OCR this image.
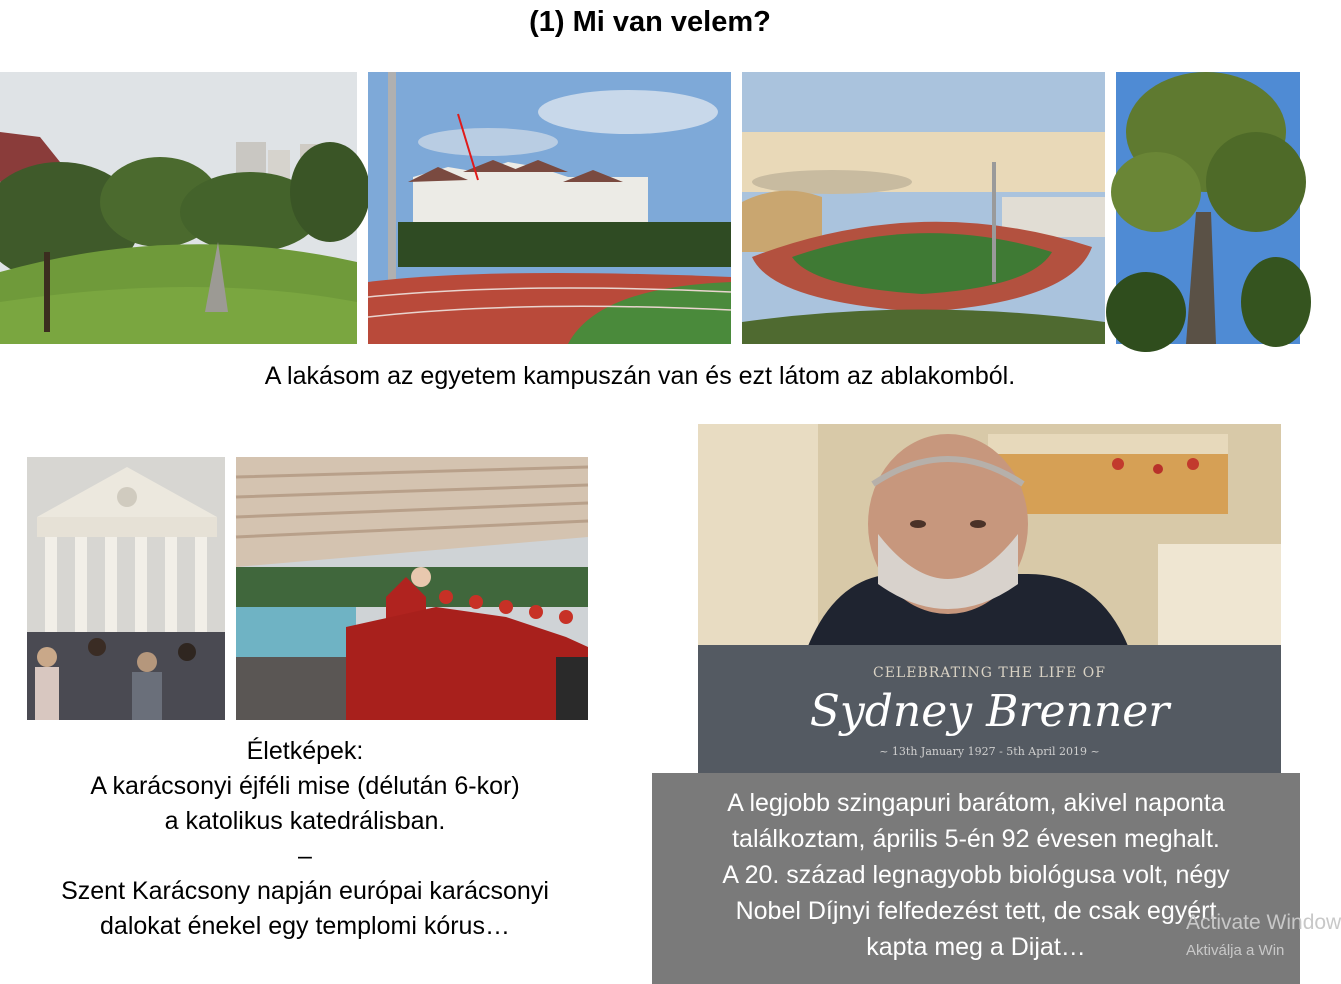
(1) Mi van velem?
A lakásom az egyetem kampuszán van és ezt látom az ablakomból.
Életképek:
A karácsonyi éjféli mise (délután 6-kor)
a katolikus katedrálisban.
–
Szent Karácsony napján európai karácsonyi
dalokat énekel egy templomi kórus…
CELEBRATING THE LIFE OF
Sydney Brenner
~ 13th January 1927 - 5th April 2019 ~
A legjobb szingapuri barátom, akivel naponta
találkoztam, április 5-én 92 évesen meghalt.
A 20. század legnagyobb biológusa volt, négy
Nobel Díjnyi felfedezést tett, de csak egyért
kapta meg a Dijat…
Activate Window
Aktiválja a Win
